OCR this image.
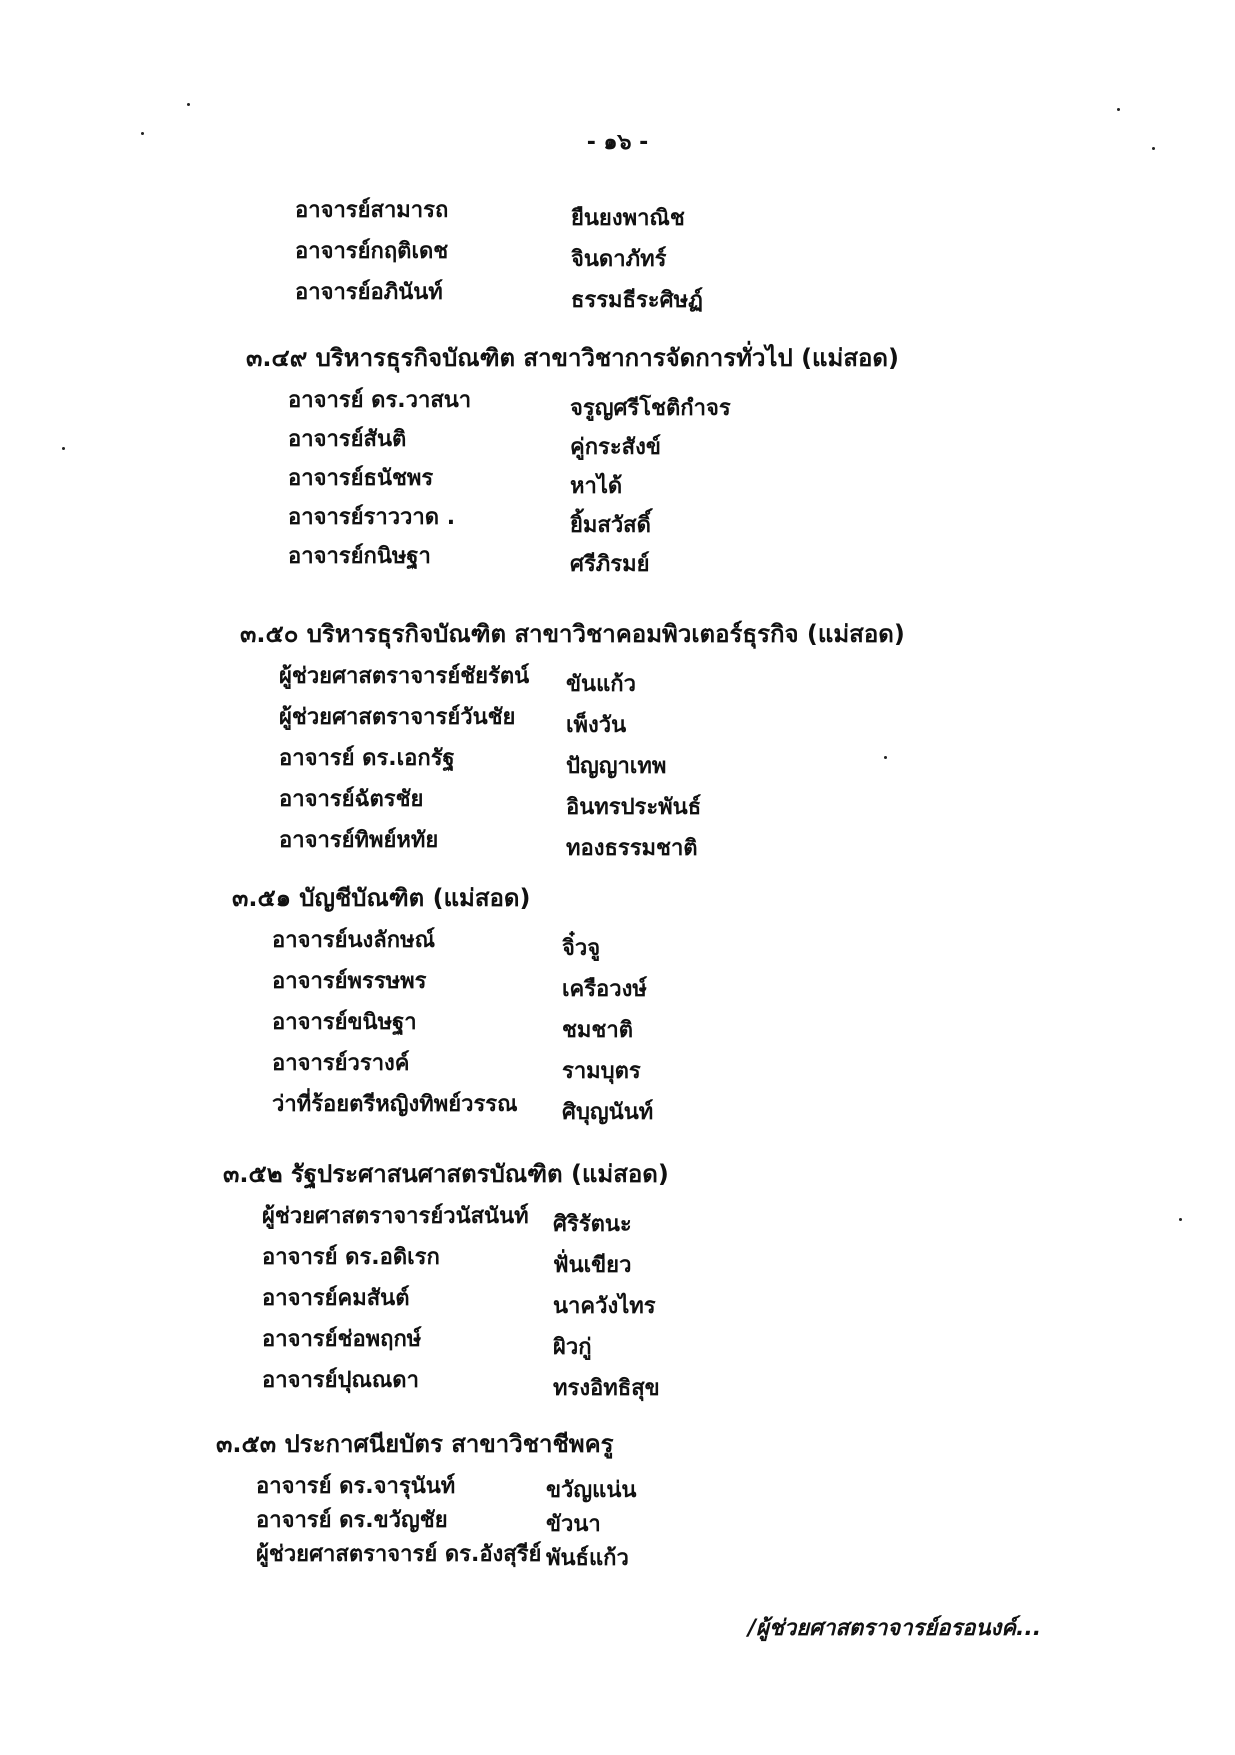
- ๑๖ -
อาจารย์สามารถ	ยืนยงพาณิช
อาจารย์กฤติเดช	จินดาภัทร์
อาจารย์อภินันท์	ธรรมธีระศิษฏ์
๓.๔๙ บริหารธุรกิจบัณฑิต สาขาวิชาการจัดการทั่วไป (แม่สอด)
อาจารย์ ดร.วาสนา	จรูญศรีโชติกำจร
อาจารย์สันติ	คู่กระสังข์
อาจารย์ธนัชพร	หาได้
อาจารย์ราววาด .	ยิ้มสวัสดิ์
อาจารย์กนิษฐา	ศรีภิรมย์
๓.๕๐ บริหารธุรกิจบัณฑิต สาขาวิชาคอมพิวเตอร์ธุรกิจ (แม่สอด)
ผู้ช่วยศาสตราจารย์ชัยรัตน์ ขันแก้ว
ผู้ช่วยศาสตราจารย์วันชัย เพ็งวัน
อาจารย์ ดร.เอกรัฐ	ปัญญาเทพ
อาจารย์ฉัตรชัย	อินทรประพันธ์
อาจารย์ทิพย์หทัย	ทองธรรมชาติ
๓.๕๑ บัญชีบัณฑิต (แม่สอด)
อาจารย์นงลักษณ์	จิ๋วจู
อาจารย์พรรษพร	เครือวงษ์
อาจารย์ขนิษฐา	ชมชาติ
อาจารย์วรางค์	รามบุตร
ว่าที่ร้อยตรีหญิงทิพย์วรรณ ศิบุญนันท์
๓.๕๒ รัฐประศาสนศาสตรบัณฑิต (แม่สอด)
ผู้ช่วยศาสตราจารย์วนัสนันท์ ศิริรัตนะ
อาจารย์ ดร.อดิเรก	ฟั่นเขียว
อาจารย์คมสันต์	นาควังไทร
อาจารย์ช่อพฤกษ์	ผิวกู่
อาจารย์ปุณณดา	ทรงอิทธิสุข
๓.๕๓ ประกาศนียบัตร สาขาวิชาชีพครู
อาจารย์ ดร.จารุนันท์	ขวัญแน่น
อาจารย์ ดร.ขวัญชัย	ขัวนา
ผู้ช่วยศาสตราจารย์ ดร.อังสุรีย์ พันธ์แก้ว
/ผู้ช่วยศาสตราจารย์อรอนงค์...
